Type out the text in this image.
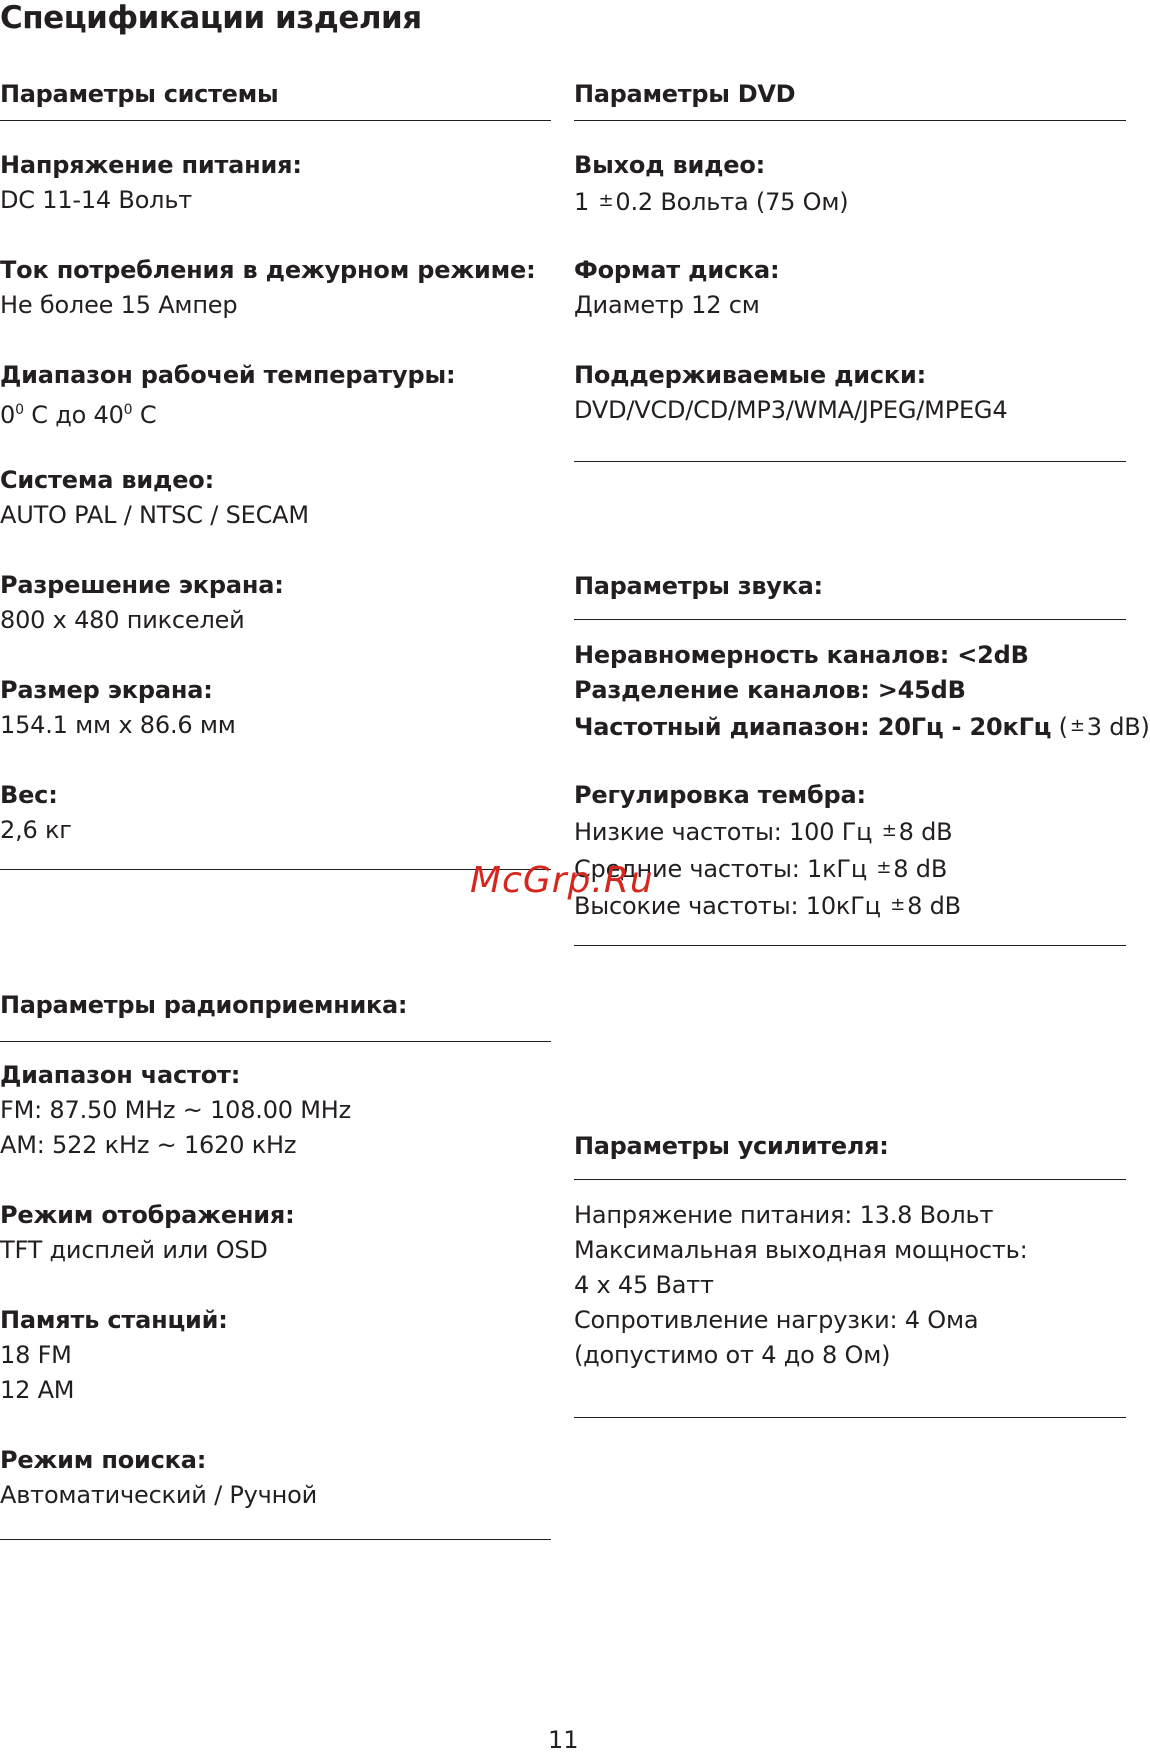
Спецификации изделия
Параметры системы
Напряжение питания:
DC 11-14 Вольт
Ток потребления в дежурном режиме:
Не более 15 Ампер
Диапазон рабочей температуры:
$0^0$ C до $40^0$ C
Система видео:
AUTO PAL / NTSC / SECAM
Разрешение экрана:
800 х 480 пикселей
Размер экрана:
154.1 мм х 86.6 мм
Вес:
2,6 кг
Параметры радиоприемника:
Диапазон частот:
FM: 87.50 MHz ~ 108.00 MHz
AM: 522 кHz ~ 1620 кHz
Режим отображения:
TFT дисплей или OSD
Память станций:
18 FM
12 AM
Режим поиска:
Автоматический / Ручной
Параметры DVD
Выход видео:
1 ±0.2 Вольта (75 Ом)
Формат диска:
Диаметр 12 см
Поддерживаемые диски:
DVD/VCD/CD/MP3/WMA/JPEG/MPEG4
Параметры звука:
Неравномерность каналов: <2dB
Разделение каналов: >45dB
Частотный диапазон: 20Гц - 20кГц ( ±3 dB)
Регулировка тембра:
Низкие частоты: 100 Гц ±8 dB
Средние частоты: 1кГц ±8 dB
Высокие частоты: 10кГц ±8 dB
Параметры усилителя:
Напряжение питания: 13.8 Вольт
Максимальная выходная мощность:
4 х 45 Ватт
Сопротивление нагрузки: 4 Ома
(допустимо от 4 до 8 Ом)
McGrp.Ru
11
